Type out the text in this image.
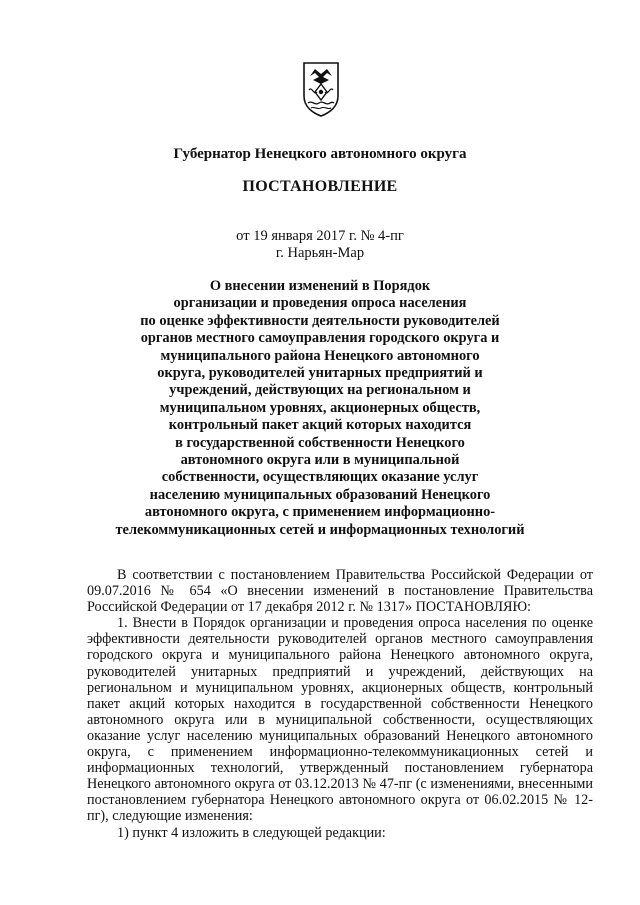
Губернатор Ненецкого автономного округа
ПОСТАНОВЛЕНИЕ
от 19 января 2017 г. № 4-пг
г. Нарьян-Мар
О внесении изменений в Порядок
организации и проведения опроса населения
по оценке эффективности деятельности руководителей
органов местного самоуправления городского округа и
муниципального района Ненецкого автономного
округа, руководителей унитарных предприятий и
учреждений, действующих на региональном и
муниципальном уровнях, акционерных обществ,
контрольный пакет акций которых находится
в государственной собственности Ненецкого
автономного округа или в муниципальной
собственности, осуществляющих оказание услуг
населению муниципальных образований Ненецкого
автономного округа, с применением информационно-
телекоммуникационных сетей и информационных технологий

В соответствии с постановлением Правительства Российской Федерации от 09.07.2016 № 654 «О внесении изменений в постановление Правительства Российской Федерации от 17 декабря 2012 г. № 1317» ПОСТАНОВЛЯЮ:

1. Внести в Порядок организации и проведения опроса населения по оценке эффективности деятельности руководителей органов местного самоуправления городского округа и муниципального района Ненецкого автономного округа, руководителей унитарных предприятий и учреждений, действующих на региональном и муниципальном уровнях, акционерных обществ, контрольный пакет акций которых находится в государственной собственности Ненецкого автономного округа или в муниципальной собственности, осуществляющих оказание услуг населению муниципальных образований Ненецкого автономного округа, с применением информационно-телекоммуникационных сетей и информационных технологий, утвержденный постановлением губернатора Ненецкого автономного округа от 03.12.2013 № 47-пг (с изменениями, внесенными постановлением губернатора Ненецкого автономного округа от 06.02.2015 № 12-пг), следующие изменения:

1) пункт 4 изложить в следующей редакции:
